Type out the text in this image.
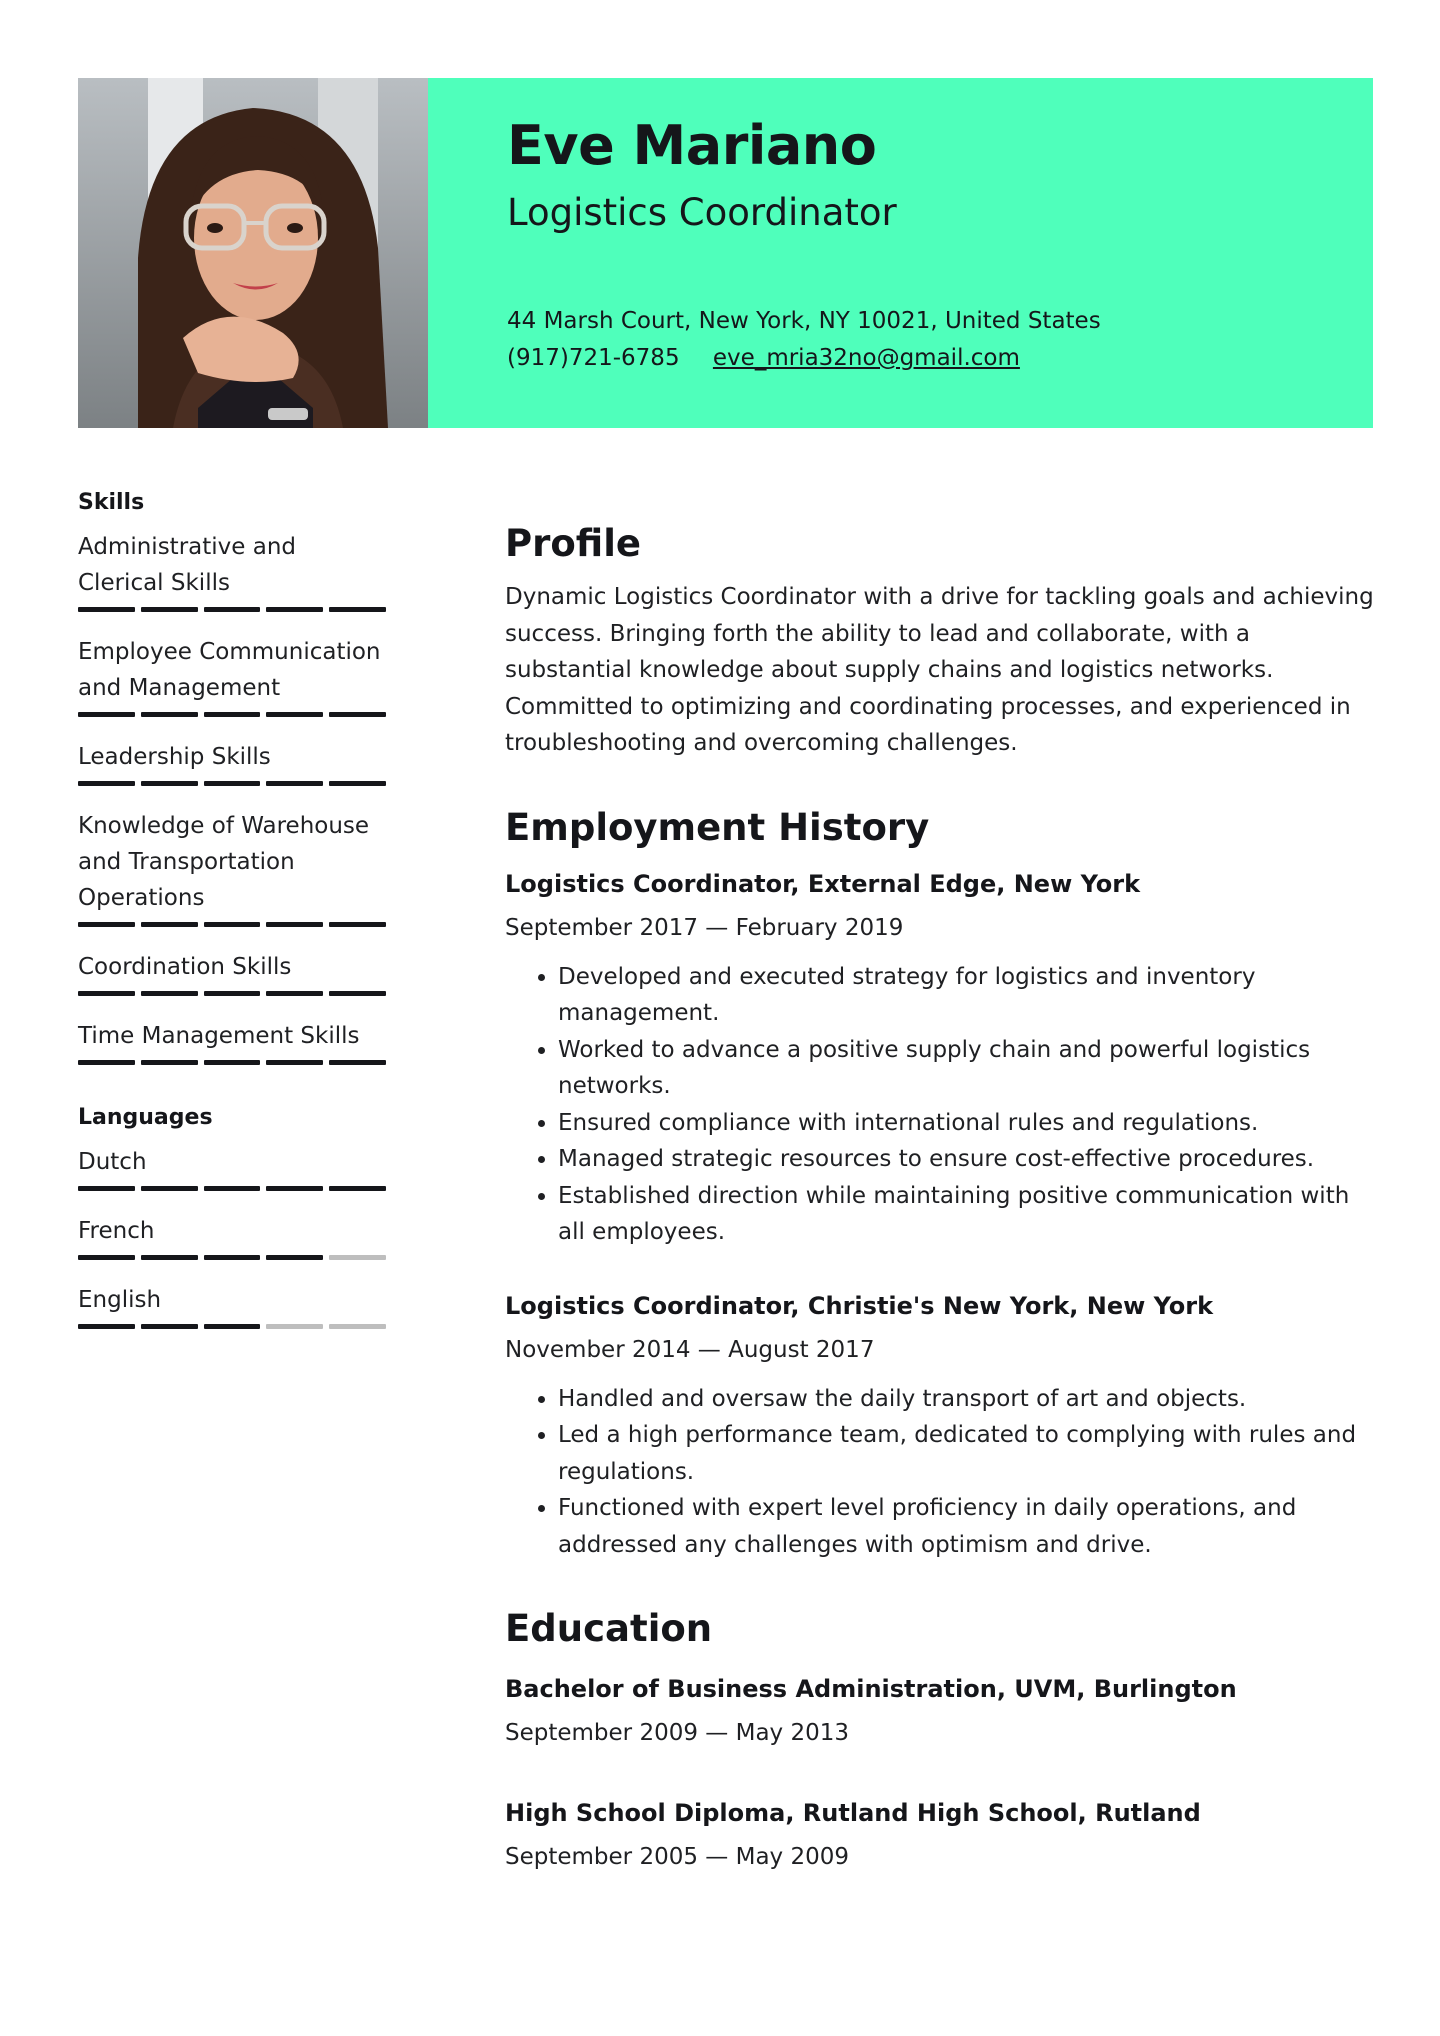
Eve Mariano
Logistics Coordinator
44 Marsh Court, New York, NY 10021, United States
(917)721-6785 eve_mria32no@gmail.com
Skills
Administrative and Clerical Skills
Employee Communication and Management
Leadership Skills
Knowledge of Warehouse and Transportation Operations
Coordination Skills
Time Management Skills
Languages
Dutch
French
English
Profile

Dynamic Logistics Coordinator with a drive for tackling goals and achieving success. Bringing forth the ability to lead and collaborate, with a substantial knowledge about supply chains and logistics networks. Committed to optimizing and coordinating processes, and experienced in troubleshooting and overcoming challenges.

Employment History
Logistics Coordinator, External Edge, New York
September 2017 — February 2019
• Developed and executed strategy for logistics and inventory management.
• Worked to advance a positive supply chain and powerful logistics networks.
• Ensured compliance with international rules and regulations.
• Managed strategic resources to ensure cost-effective procedures.
• Established direction while maintaining positive communication with all employees.
Logistics Coordinator, Christie's New York, New York
November 2014 — August 2017
• Handled and oversaw the daily transport of art and objects.
• Led a high performance team, dedicated to complying with rules and regulations.
• Functioned with expert level proficiency in daily operations, and addressed any challenges with optimism and drive.
Education
Bachelor of Business Administration, UVM, Burlington
September 2009 — May 2013
High School Diploma, Rutland High School, Rutland
September 2005 — May 2009
